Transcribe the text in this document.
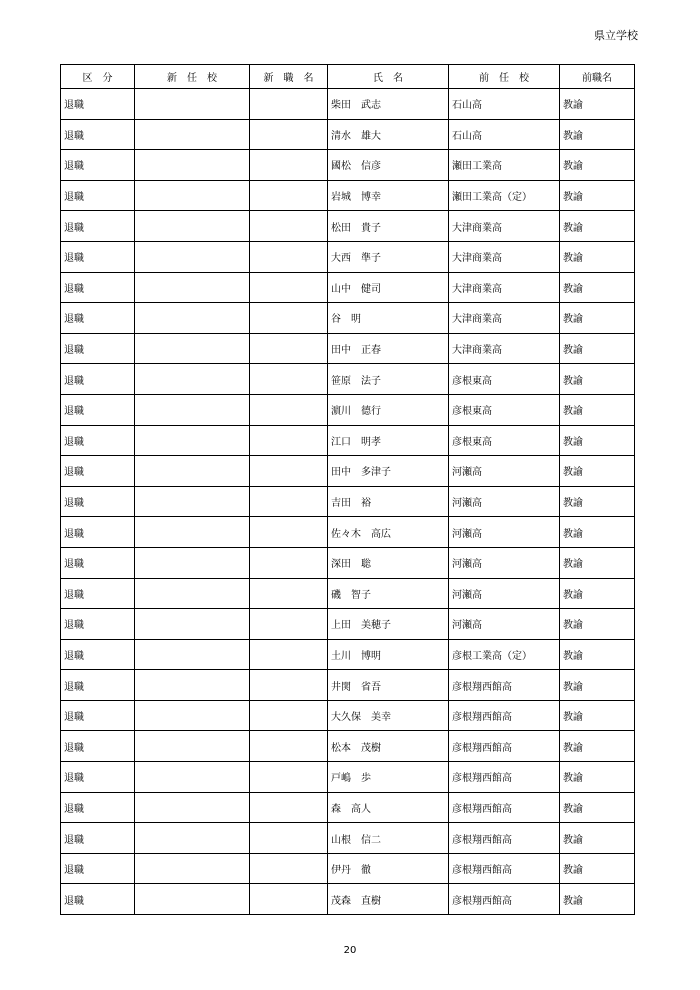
県立学校
区　分	新　任　校	新　職　名	氏　名	前　任　校	前職名
退職			柴田　武志	石山高	教諭
退職			清水　雄大	石山高	教諭
退職			國松　信彦	瀬田工業高	教諭
退職			岩城　博幸	瀬田工業高（定）	教諭
退職			松田　貴子	大津商業高	教諭
退職			大西　準子	大津商業高	教諭
退職			山中　健司	大津商業高	教諭
退職			谷　明	大津商業高	教諭
退職			田中　正春	大津商業高	教諭
退職			笹原　法子	彦根東高	教諭
退職			濵川　德行	彦根東高	教諭
退職			江口　明孝	彦根東高	教諭
退職			田中　多津子	河瀬高	教諭
退職			吉田　裕	河瀬高	教諭
退職			佐々木　高広	河瀬高	教諭
退職			深田　聡	河瀬高	教諭
退職			磯　智子	河瀬高	教諭
退職			上田　美穂子	河瀬高	教諭
退職			土川　博明	彦根工業高（定）	教諭
退職			井関　省吾	彦根翔西館高	教諭
退職			大久保　美幸	彦根翔西館高	教諭
退職			松本　茂樹	彦根翔西館高	教諭
退職			戸嶋　歩	彦根翔西館高	教諭
退職			森　高人	彦根翔西館高	教諭
退職			山根　信二	彦根翔西館高	教諭
退職			伊丹　徹	彦根翔西館高	教諭
退職			茂森　直樹	彦根翔西館高	教諭
20
